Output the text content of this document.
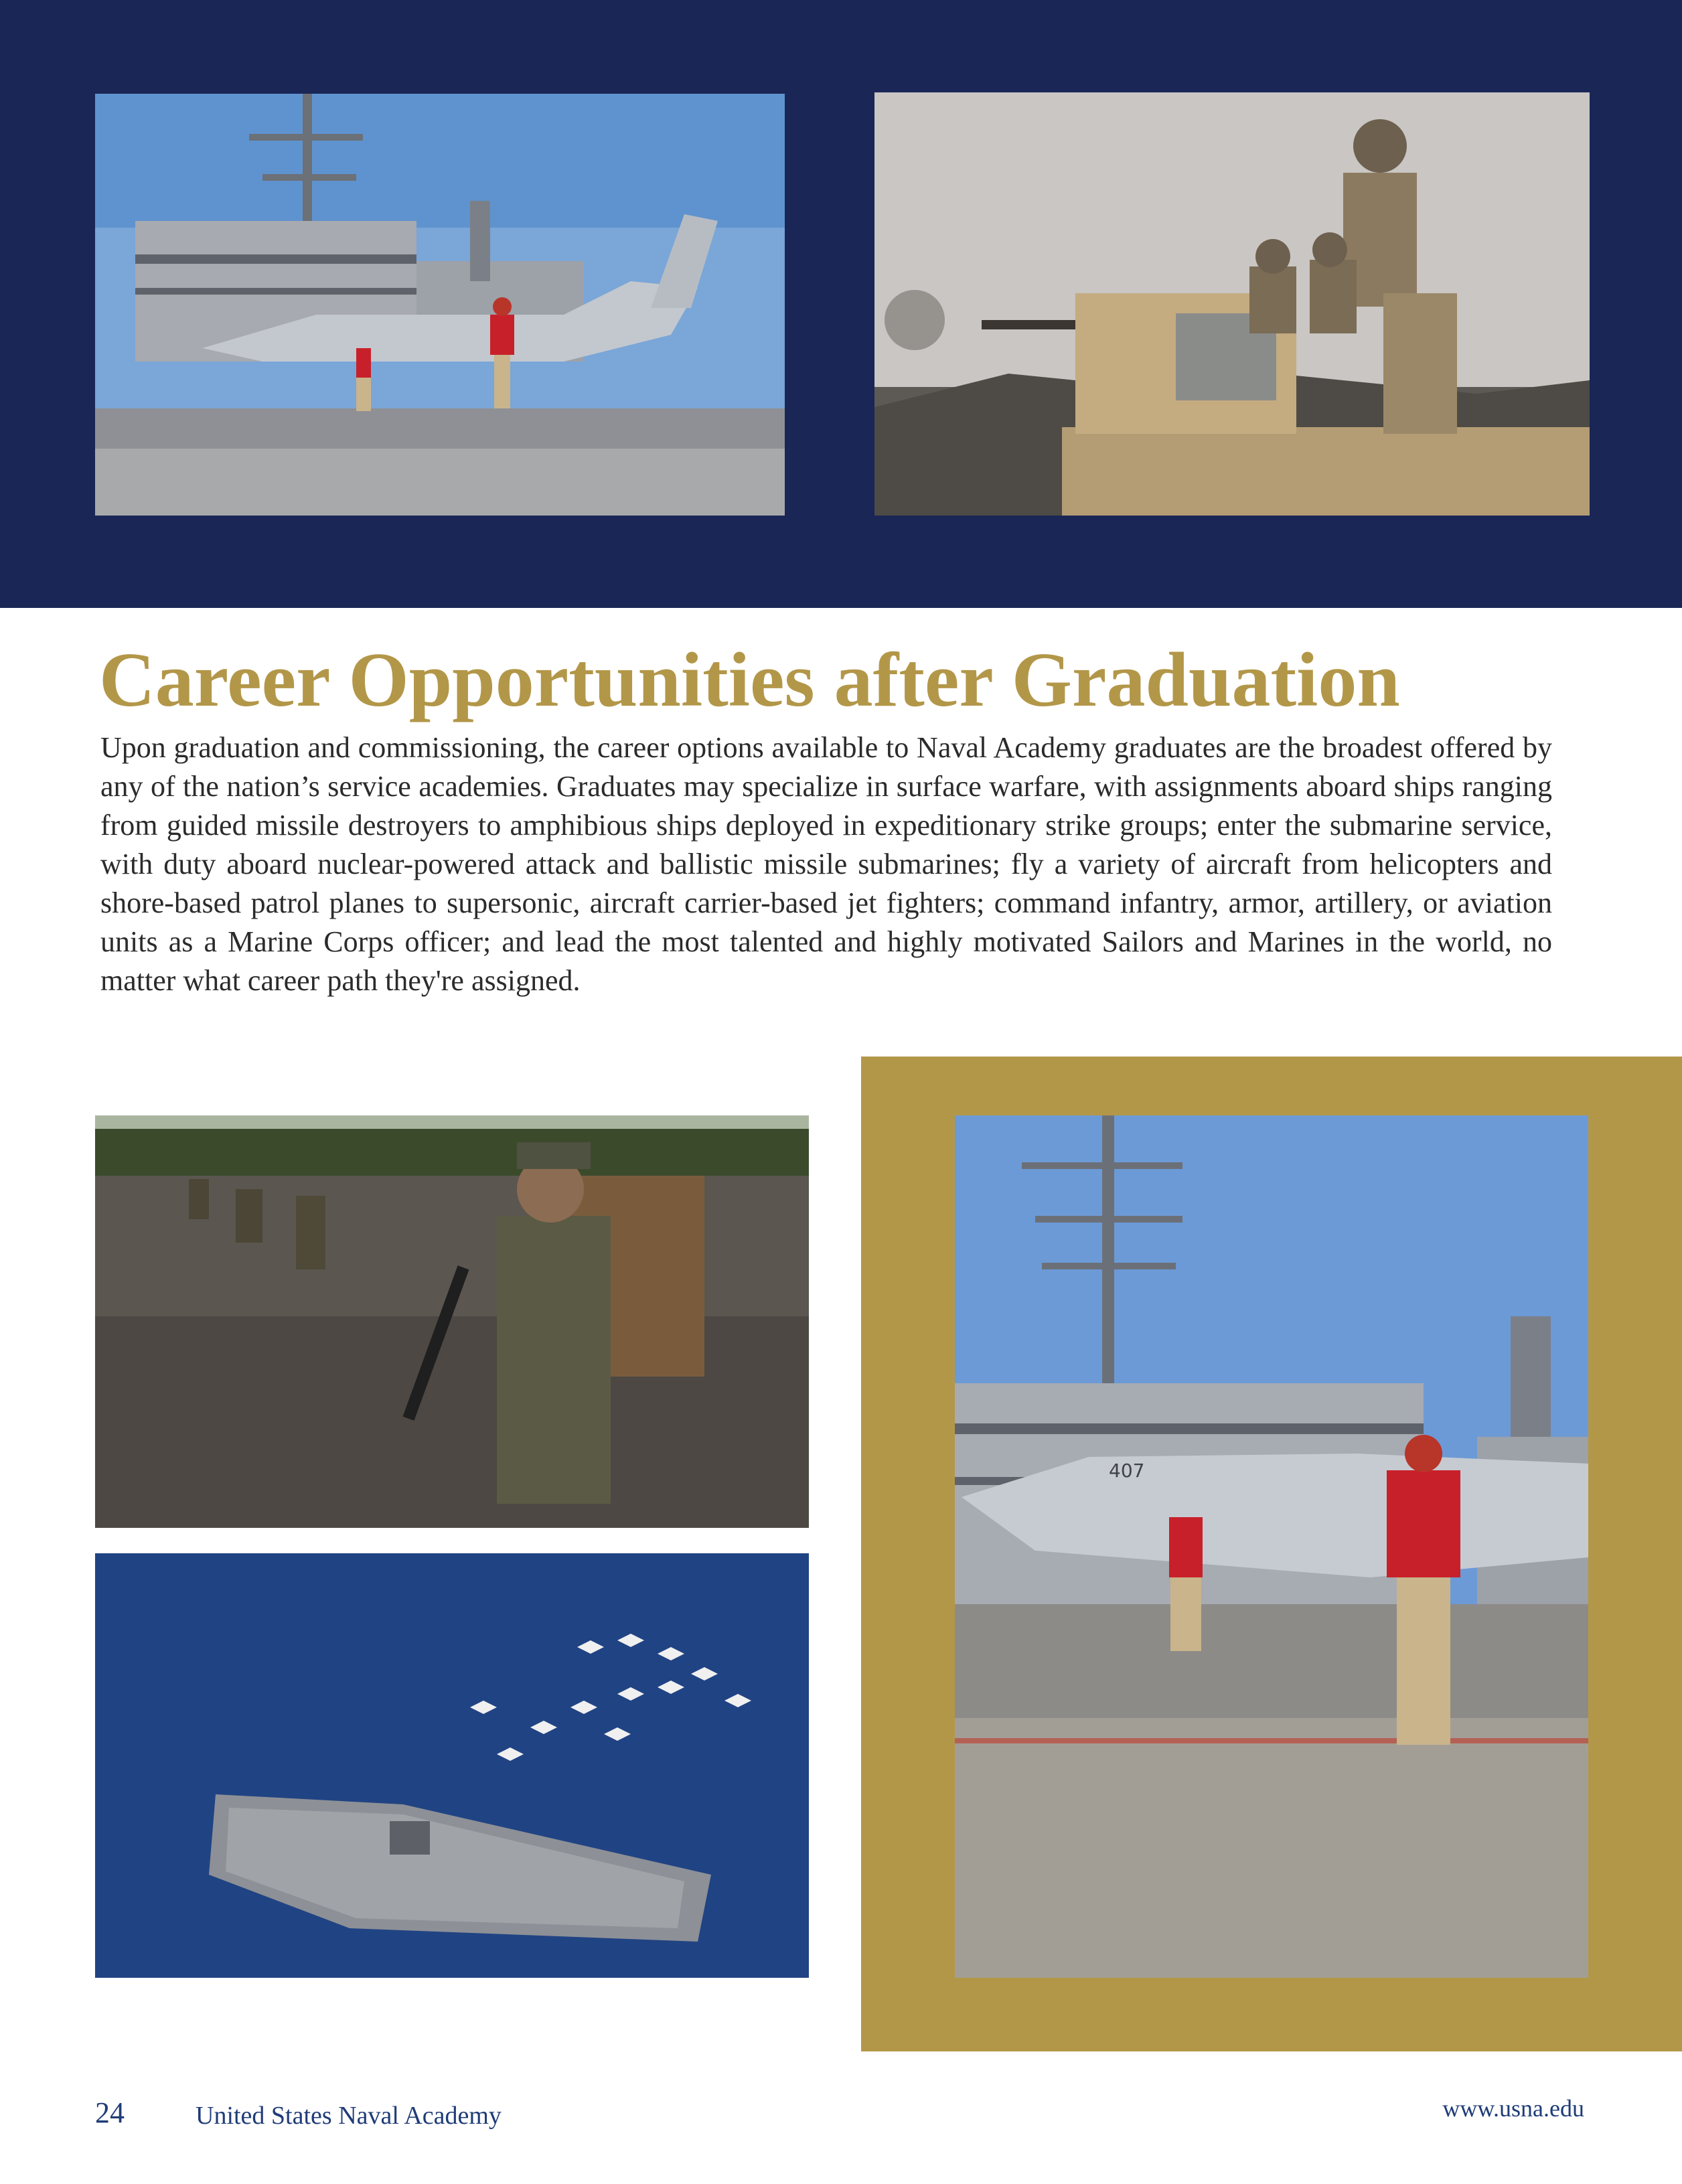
Career Opportunities after Graduation

Upon graduation and commissioning, the career options available to Naval Academy graduates are the broadest offered by any of the nation’s service academies. Graduates may specialize in surface warfare, with assignments aboard ships ranging from guided missile destroyers to amphibious ships deployed in expeditionary strike groups; enter the submarine service, with duty aboard nuclear-powered attack and ballistic missile submarines; fly a variety of aircraft from helicopters and shore-based patrol planes to supersonic, aircraft carrier-based jet fighters; command infantry, armor, artillery, or aviation units as a Marine Corps officer; and lead the most talented and highly motivated Sailors and Marines in the world, no matter what career path they're assigned.

407
24	United States Naval Academy	www.usna.edu
